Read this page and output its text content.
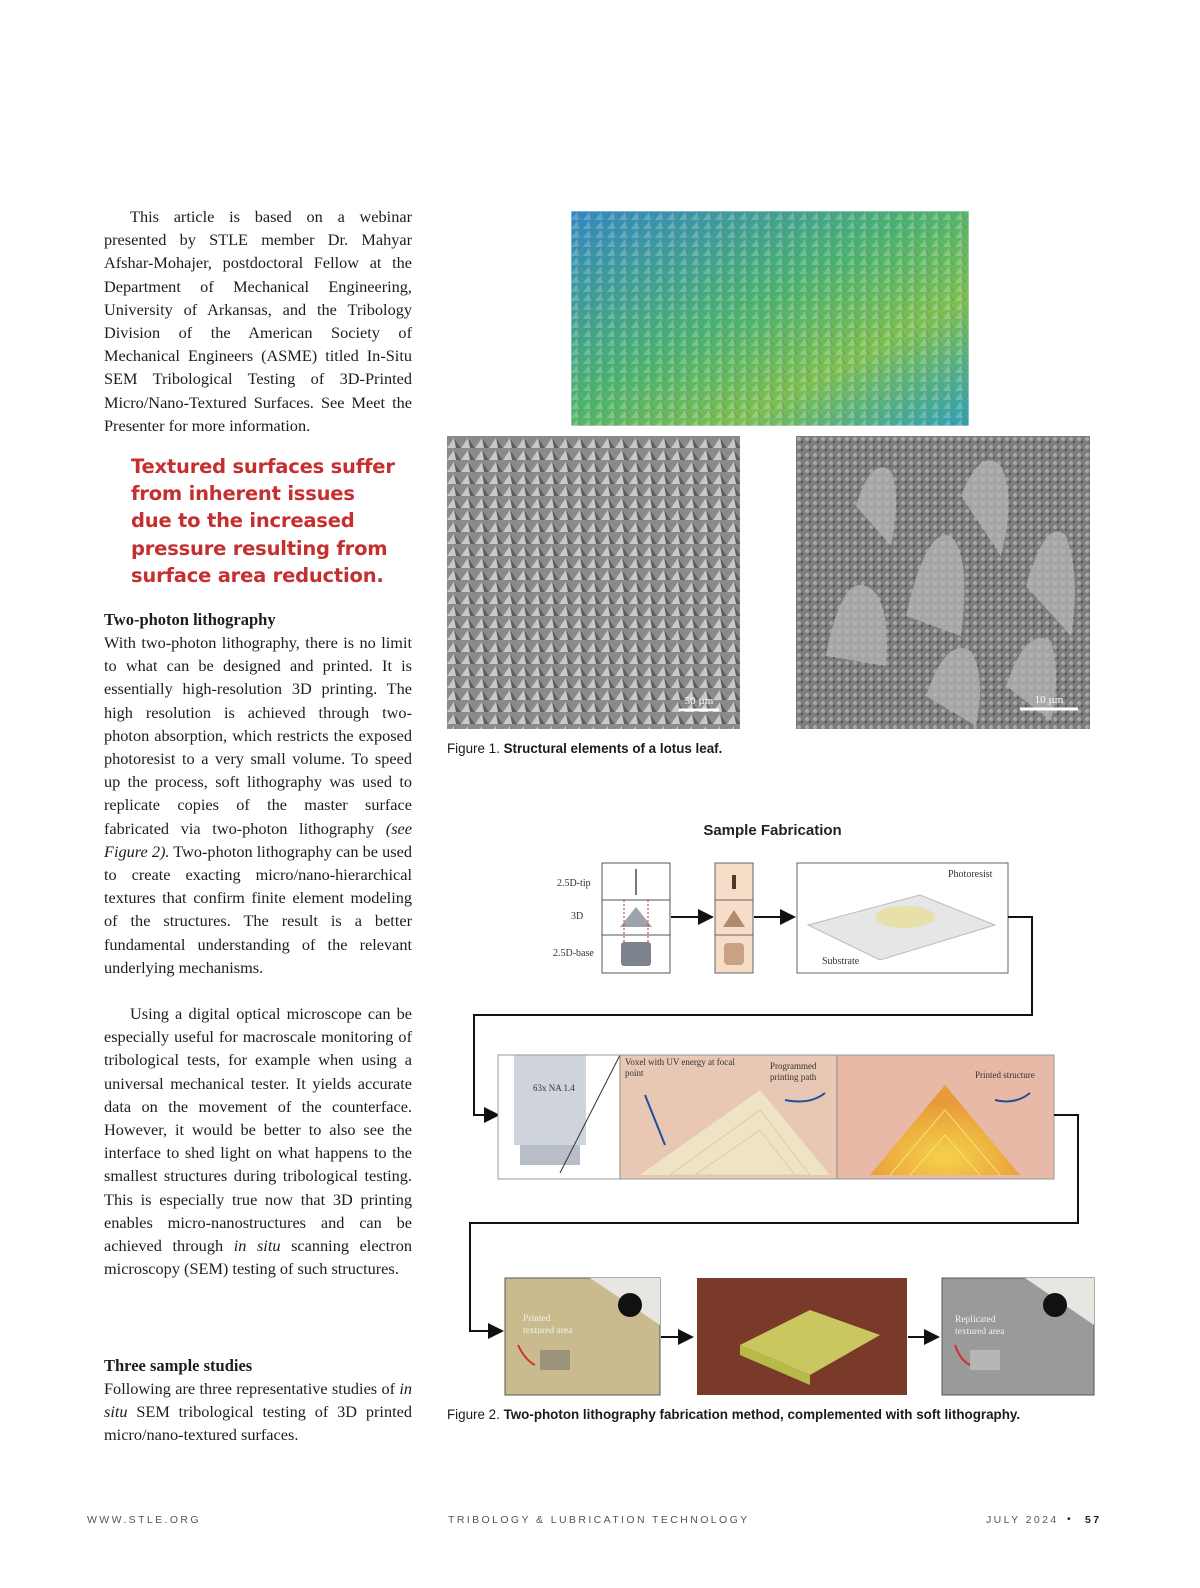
This article is based on a webinar presented by STLE member Dr. Mahyar Afshar-Mohajer, postdoctoral Fellow at the Department of Mechanical Engineering, University of Arkansas, and the Tribology Division of the American Society of Mechanical Engineers (ASME) titled In-Situ SEM Tribological Testing of 3D-Printed Micro/Nano-Textured Surfaces. See Meet the Presenter for more information.

Textured surfaces suffer from inherent issues due to the increased pressure resulting from surface area reduction.

Two-photon lithography

With two-photon lithography, there is no limit to what can be designed and printed. It is essentially high-resolution 3D printing. The high resolution is achieved through two-photon absorption, which restricts the exposed photoresist to a very small volume. To speed up the process, soft lithography was used to replicate copies of the master surface fabricated via two-photon lithography (see Figure 2). Two-photon lithography can be used to create exacting micro/nano-hierarchical textures that confirm finite element modeling of the structures. The result is a better fundamental understanding of the relevant underlying mechanisms.

Using a digital optical microscope can be especially useful for macroscale monitoring of tribological tests, for example when using a universal mechanical tester. It yields accurate data on the movement of the counterface. However, it would be better to also see the interface to shed light on what happens to the smallest structures during tribological testing. This is especially true now that 3D printing enables micro-nanostructures and can be achieved through in situ scanning electron microscopy (SEM) testing of such structures.

Three sample studies

Following are three representative studies of in situ SEM tribological testing of 3D printed micro/nano-textured surfaces.

50 µm	10 µm
Figure 1. Structural elements of a lotus leaf.
Sample Fabrication
2.5D-tip
3D
2.5D-base
Photoresist
Substrate
63x NA 1.4
Voxel with UV energy at focal point
Programmed printing path	Printed structure
Printed textured area
Replicated textured area
Figure 2. Two-photon lithography fabrication method, complemented with soft lithography.
WWW.STLE.ORG	TRIBOLOGY & LUBRICATION TECHNOLOGY	JULY 2024 • 57
